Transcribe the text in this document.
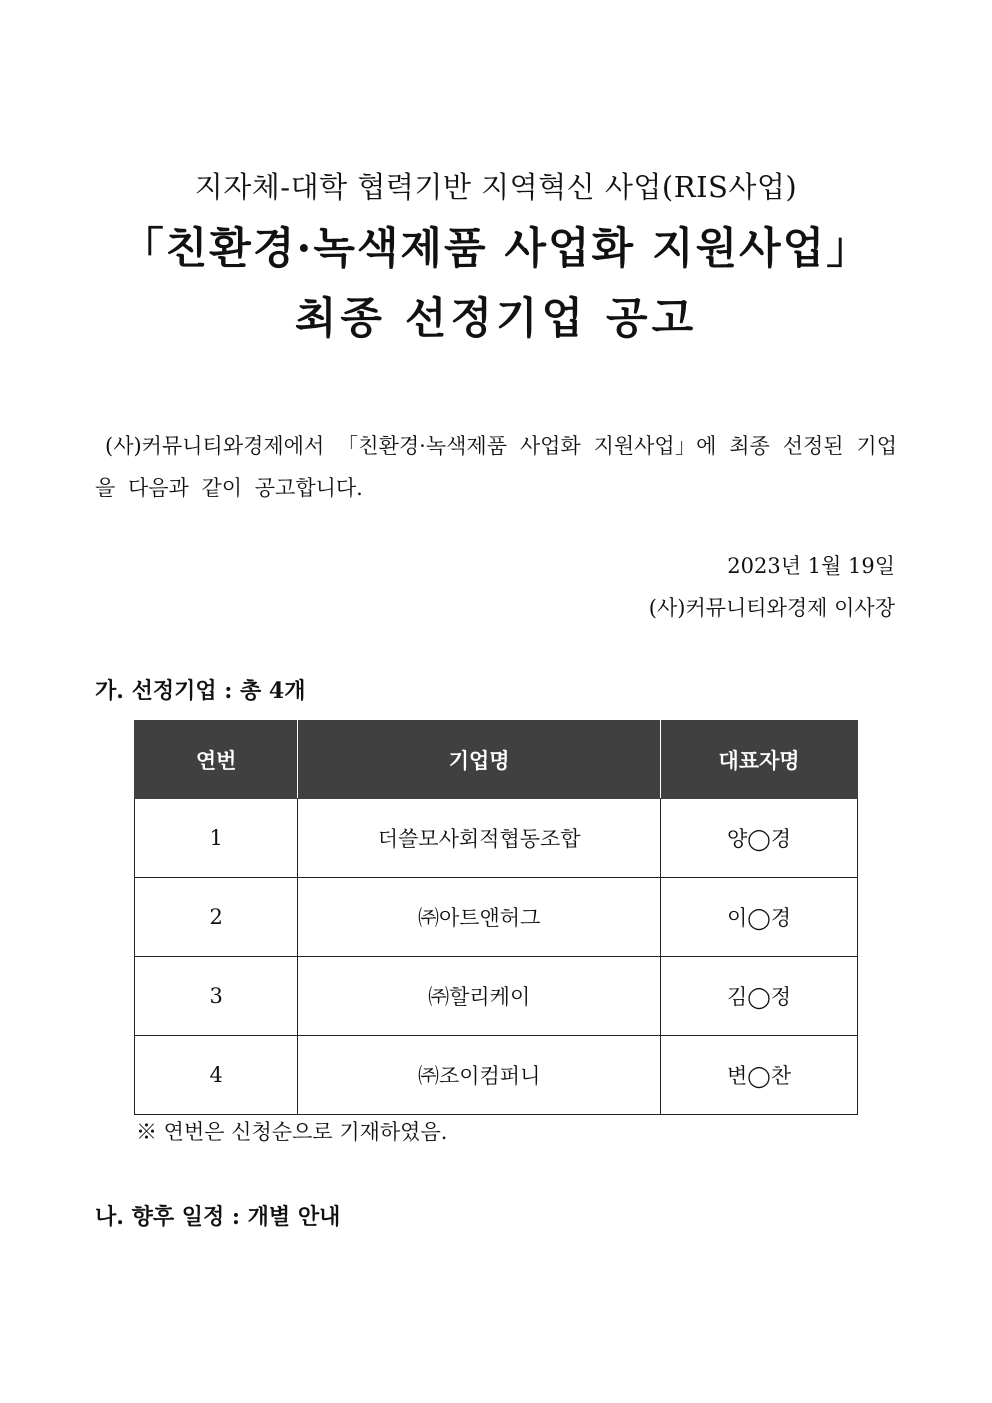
지자체-대학 협력기반 지역혁신 사업(RIS사업)
「친환경·녹색제품 사업화 지원사업」
최종 선정기업 공고
(사)커뮤니티와경제에서 「친환경·녹색제품 사업화 지원사업」에 최종 선정된 기업을 다음과 같이 공고합니다.
2023년 1월 19일
(사)커뮤니티와경제 이사장
가. 선정기업 : 총 4개
연번	기업명	대표자명
1	더쓸모사회적협동조합	양◯경
2	㈜아트앤허그	이◯경
3	㈜할리케이	김◯정
4	㈜조이컴퍼니	변◯찬
※ 연번은 신청순으로 기재하였음.
나. 향후 일정 : 개별 안내
